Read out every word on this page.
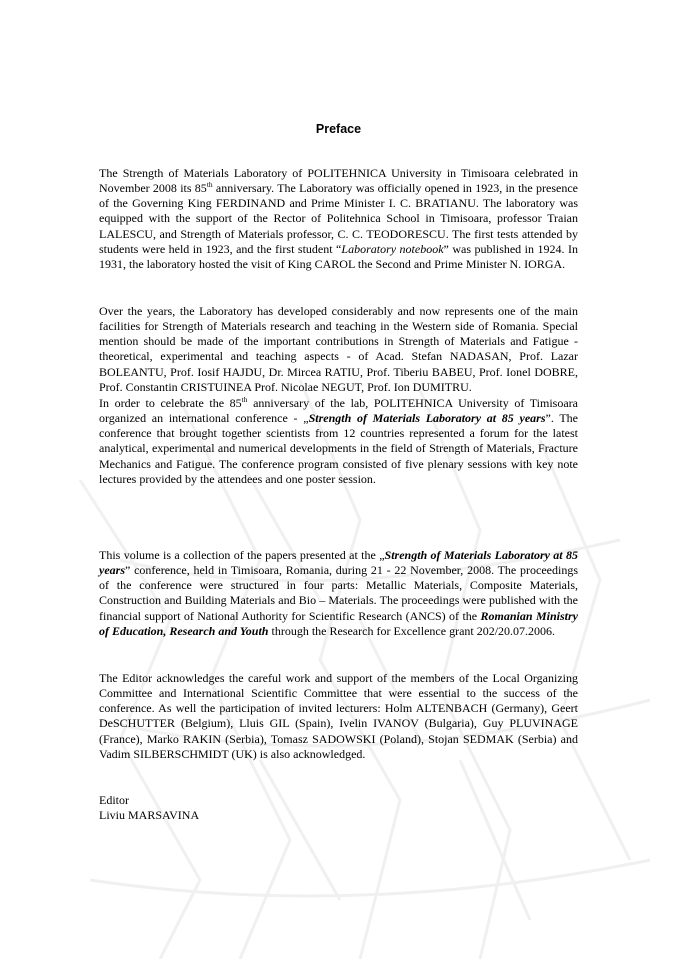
Preface

The Strength of Materials Laboratory of POLITEHNICA University in Timisoara celebrated in November 2008 its 85th anniversary. The Laboratory was officially opened in 1923, in the presence of the Governing King FERDINAND and Prime Minister I. C. BRATIANU. The laboratory was equipped with the support of the Rector of Politehnica School in Timisoara, professor Traian LALESCU, and Strength of Materials professor, C. C. TEODORESCU. The first tests attended by students were held in 1923, and the first student “Laboratory notebook” was published in 1924. In 1931, the laboratory hosted the visit of King CAROL the Second and Prime Minister N. IORGA.

Over the years, the Laboratory has developed considerably and now represents one of the main facilities for Strength of Materials research and teaching in the Western side of Romania. Special mention should be made of the important contributions in Strength of Materials and Fatigue - theoretical, experimental and teaching aspects - of Acad. Stefan NADASAN, Prof. Lazar BOLEANTU, Prof. Iosif HAJDU, Dr. Mircea RATIU, Prof. Tiberiu BABEU, Prof. Ionel DOBRE, Prof. Constantin CRISTUINEA Prof. Nicolae NEGUT, Prof. Ion DUMITRU.

In order to celebrate the 85th anniversary of the lab, POLITEHNICA University of Timisoara organized an international conference - „Strength of Materials Laboratory at 85 years”. The conference that brought together scientists from 12 countries represented a forum for the latest analytical, experimental and numerical developments in the field of Strength of Materials, Fracture Mechanics and Fatigue. The conference program consisted of five plenary sessions with key note lectures provided by the attendees and one poster session.

This volume is a collection of the papers presented at the „Strength of Materials Laboratory at 85 years” conference, held in Timisoara, Romania, during 21 - 22 November, 2008. The proceedings of the conference were structured in four parts: Metallic Materials, Composite Materials, Construction and Building Materials and Bio – Materials. The proceedings were published with the financial support of National Authority for Scientific Research (ANCS) of the Romanian Ministry of Education, Research and Youth through the Research for Excellence grant 202/20.07.2006.

The Editor acknowledges the careful work and support of the members of the Local Organizing Committee and International Scientific Committee that were essential to the success of the conference. As well the participation of invited lecturers: Holm ALTENBACH (Germany), Geert DeSCHUTTER (Belgium), Lluis GIL (Spain), Ivelin IVANOV (Bulgaria), Guy PLUVINAGE (France), Marko RAKIN (Serbia), Tomasz SADOWSKI (Poland), Stojan SEDMAK (Serbia) and Vadim SILBERSCHMIDT (UK) is also acknowledged.

Editor
Liviu MARSAVINA
